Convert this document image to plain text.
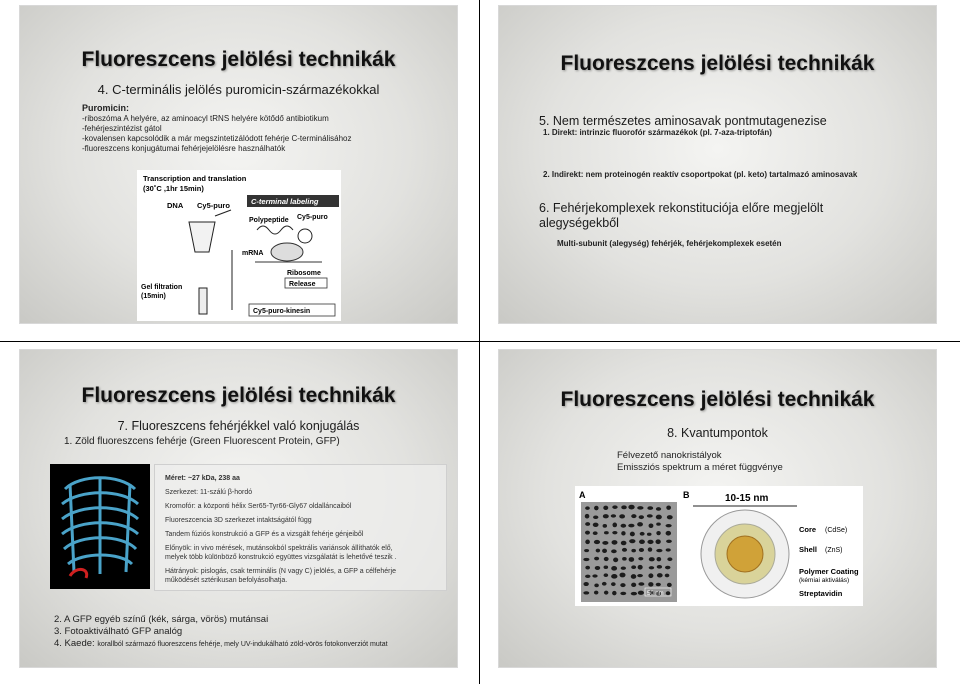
Fluoreszcens jelölési technikák
4. C-terminális jelölés puromicin-származékokkal
Puromicin:
-riboszóma A helyére, az aminoacyl tRNS helyére kötődő antibiotikum
-fehérjeszintézist gátol
-kovalensen kapcsolódik a már megszintetizálódott fehérje C-terminálisához
-fluoreszcens konjugátumai fehérjejelölésre használhatók
Transcription and translation
(30˚C ,1hr 15min)
DNA Cy5-puro	C-terminal labeling
Polypeptide Cy5-puro
mRNA
Ribosome
Release
Gel filtration
(15min)
Cy5-puro-kinesin
Fluoreszcens jelölési technikák
5. Nem természetes aminosavak pontmutagenezise
1. Direkt: intrinzic fluorofór származékok (pl. 7-aza-triptofán)
2. Indirekt: nem proteinogén reaktív csoportpokat (pl. keto) tartalmazó aminosavak
6. Fehérjekomplexek rekonstituciója előre megjelölt
alegységekből
Multi-subunit (alegység) fehérjék, fehérjekomplexek esetén
Fluoreszcens jelölési technikák
7. Fluoreszcens fehérjékkel való konjugálás
1. Zöld fluoreszcens fehérje (Green Fluorescent Protein, GFP)
Méret: ~27 kDa, 238 aa
Szerkezet: 11-szálú β-hordó
Kromofór: a központi hélix Ser65-Tyr66-Gly67 oldalláncaiból
Fluoreszcencia 3D szerkezet intaktságától függ
Tandem fúziós konstrukció a GFP és a vizsgált fehérje génjeiből
Előnyök: in vivo mérések, mutánsokból spektrális variánsok állíthatók elő,
melyek több különböző konstrukció együttes vizsgálatát is lehetővé teszik .
Hátrányok: pislogás, csak terminális (N vagy C) jelölés, a GFP a célfehérje
működését sztérikusan befolyásolhatja.
2. A GFP egyéb színű (kék, sárga, vörös) mutánsai
3. Fotoaktiválható GFP analóg
4. Kaede: korallból származó fluoreszcens fehérje, mely UV-indukálható zöld-vörös fotokonverziót mutat
Fluoreszcens jelölési technikák
8. Kvantumpontok
Félvezető nanokristályok
Emissziós spektrum a méret függvénye
A	B
50 nm
10-15 nm
Core (CdSe)
Shell (ZnS)
Polymer Coating
(kémiai aktiválás)
Streptavidin
